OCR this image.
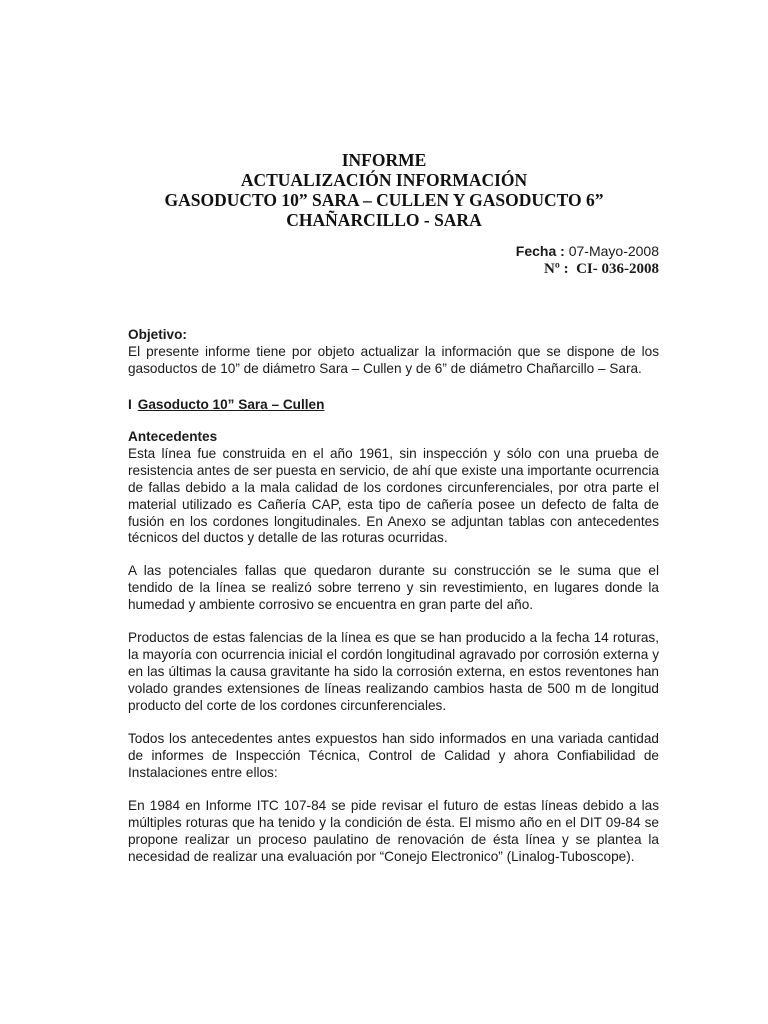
INFORME
ACTUALIZACIÓN INFORMACIÓN
GASODUCTO 10” SARA – CULLEN Y GASODUCTO 6”
CHAÑARCILLO - SARA
Fecha : 07-Mayo-2008
Nº : CI- 036-2008

Objetivo:

El presente informe tiene por objeto actualizar la información que se dispone de los gasoductos de 10” de diámetro Sara – Cullen y de 6” de diámetro Chañarcillo – Sara.

I Gasoducto 10” Sara – Cullen

Antecedentes

Esta línea fue construida en el año 1961, sin inspección y sólo con una prueba de resistencia antes de ser puesta en servicio, de ahí que existe una importante ocurrencia de fallas debido a la mala calidad de los cordones circunferenciales, por otra parte el material utilizado es Cañería CAP, esta tipo de cañería posee un defecto de falta de fusión en los cordones longitudinales. En Anexo se adjuntan tablas con antecedentes técnicos del ductos y detalle de las roturas ocurridas.

A las potenciales fallas que quedaron durante su construcción se le suma que el tendido de la línea se realizó sobre terreno y sin revestimiento, en lugares donde la humedad y ambiente corrosivo se encuentra en gran parte del año.

Productos de estas falencias de la línea es que se han producido a la fecha 14 roturas, la mayoría con ocurrencia inicial el cordón longitudinal agravado por corrosión externa y en las últimas la causa gravitante ha sido la corrosión externa, en estos reventones han volado grandes extensiones de líneas realizando cambios hasta de 500 m de longitud producto del corte de los cordones circunferenciales.

Todos los antecedentes antes expuestos han sido informados en una variada cantidad de informes de Inspección Técnica, Control de Calidad y ahora Confiabilidad de Instalaciones entre ellos:

En 1984 en Informe ITC 107-84 se pide revisar el futuro de estas líneas debido a las múltiples roturas que ha tenido y la condición de ésta. El mismo año en el DIT 09-84 se propone realizar un proceso paulatino de renovación de ésta línea y se plantea la necesidad de realizar una evaluación por “Conejo Electronico” (Linalog-Tuboscope).
